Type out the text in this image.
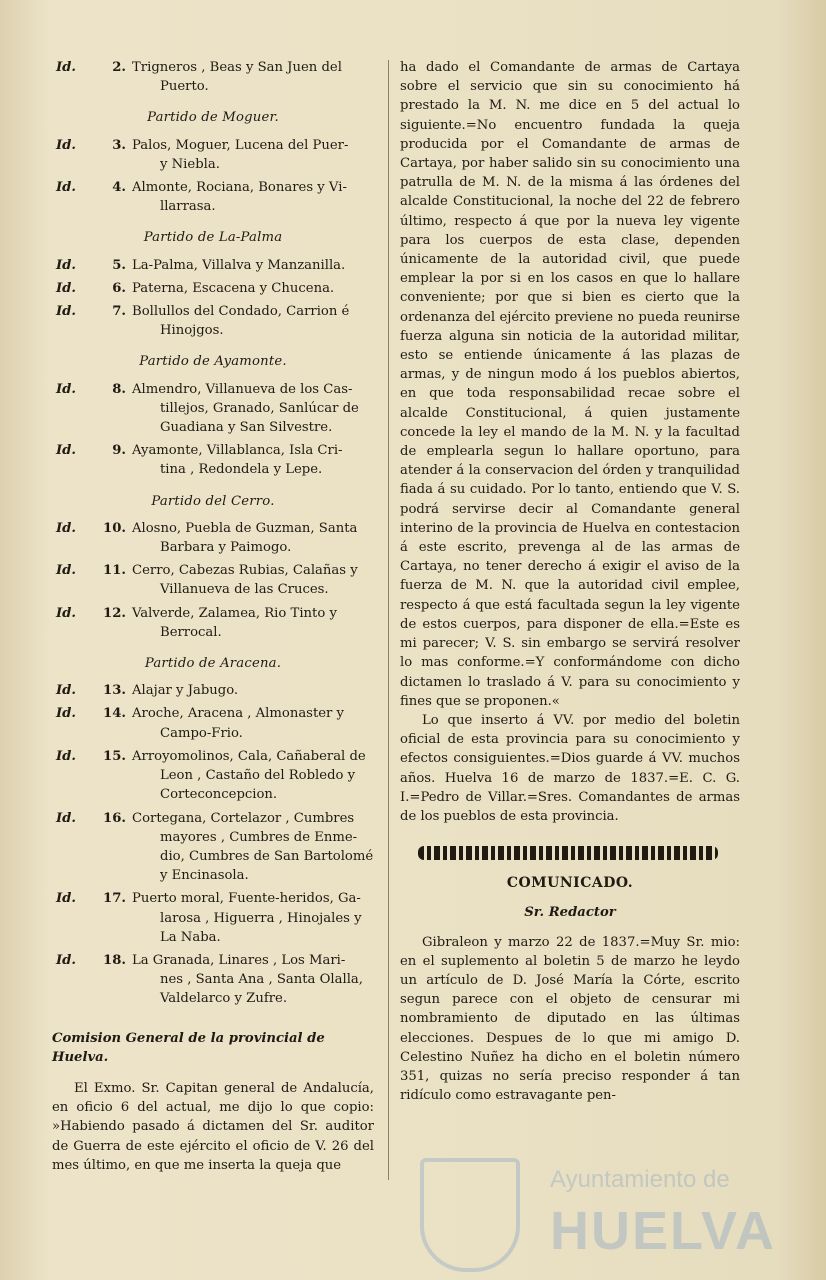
Id.	2. Trigneros , Beas y San Juen del
Puerto.
Partido de Moguer.
Id.	3. Palos, Moguer, Lucena del Puer-
y Niebla.
Id.	4. Almonte, Rociana, Bonares y Vi-
llarrasa.
Partido de La-Palma
Id.	5. La-Palma, Villalva y Manzanilla.
Id.	6. Paterna, Escacena y Chucena.
Id.	7. Bollullos del Condado, Carrion é
Hinojgos.
Partido de Ayamonte.
Id.	8. Almendro, Villanueva de los Cas-
tillejos, Granado, Sanlúcar de
Guadiana y San Silvestre.
Id.	9. Ayamonte, Villablanca, Isla Cri-
tina , Redondela y Lepe.
Partido del Cerro.
Id.	10. Alosno, Puebla de Guzman, Santa
Barbara y Paimogo.
Id.	11. Cerro, Cabezas Rubias, Calañas y
Villanueva de las Cruces.
Id.	12. Valverde, Zalamea, Rio Tinto y
Berrocal.
Partido de Aracena.
Id.	13. Alajar y Jabugo.
Id.	14. Aroche, Aracena , Almonaster y
Campo-Frio.
Id.	15. Arroyomolinos, Cala, Cañaberal de
Leon , Castaño del Robledo y
Corteconcepcion.
Id.	16. Cortegana, Cortelazor , Cumbres
mayores , Cumbres de Enme-
dio, Cumbres de San Bartolomé
y Encinasola.
Id.	17. Puerto moral, Fuente-heridos, Ga-
larosa , Higuerra , Hinojales y
La Naba.
Id.	18. La Granada, Linares , Los Mari-
nes , Santa Ana , Santa Olalla,
Valdelarco y Zufre.
Comision General de la provincial de Huelva.

El Exmo. Sr. Capitan general de Andalucía, en oficio 6 del actual, me dijo lo que copio: »Habiendo pasado á dictamen del Sr. auditor de Guerra de este ejército el oficio de V. 26 del mes último, en que me inserta la queja que

ha dado el Comandante de armas de Cartaya sobre el servicio que sin su conocimiento há prestado la M. N. me dice en 5 del actual lo siguiente.=No encuentro fundada la queja producida por el Comandante de armas de Cartaya, por haber salido sin su conocimiento una patrulla de M. N. de la misma á las órdenes del alcalde Constitucional, la noche del 22 de febrero último, respecto á que por la nueva ley vigente para los cuerpos de esta clase, dependen únicamente de la autoridad civil, que puede emplear la por si en los casos en que lo hallare conveniente; por que si bien es cierto que la ordenanza del ejército previene no pueda reunirse fuerza alguna sin noticia de la autoridad militar, esto se entiende únicamente á las plazas de armas, y de ningun modo á los pueblos abiertos, en que toda responsabilidad recae sobre el alcalde Constitucional, á quien justamente concede la ley el mando de la M. N. y la facultad de emplearla segun lo hallare oportuno, para atender á la conservacion del órden y tranquilidad fiada á su cuidado. Por lo tanto, entiendo que V. S. podrá servirse decir al Comandante general interino de la provincia de Huelva en contestacion á este escrito, prevenga al de las armas de Cartaya, no tener derecho á exigir el aviso de la fuerza de M. N. que la autoridad civil emplee, respecto á que está facultada segun la ley vigente de estos cuerpos, para disponer de ella.=Este es mi parecer; V. S. sin embargo se servirá resolver lo mas conforme.=Y conformándome con dicho dictamen lo traslado á V. para su conocimiento y fines que se proponen.«

Lo que inserto á VV. por medio del boletin oficial de esta provincia para su conocimiento y efectos consiguientes.=Dios guarde á VV. muchos años. Huelva 16 de marzo de 1837.=E. C. G. I.=Pedro de Villar.=Sres. Comandantes de armas de los pueblos de esta provincia.

COMUNICADO.
Sr. Redactor

Gibraleon y marzo 22 de 1837.=Muy Sr. mio: en el suplemento al boletin 5 de marzo he leydo un artículo de D. José María la Córte, escrito segun parece con el objeto de censurar mi nombramiento de diputado en las últimas elecciones. Despues de lo que mi amigo D. Celestino Nuñez ha dicho en el boletin número 351, quizas no sería preciso responder á tan ridículo como estravagante pen-

Ayuntamiento de
HUELVA
